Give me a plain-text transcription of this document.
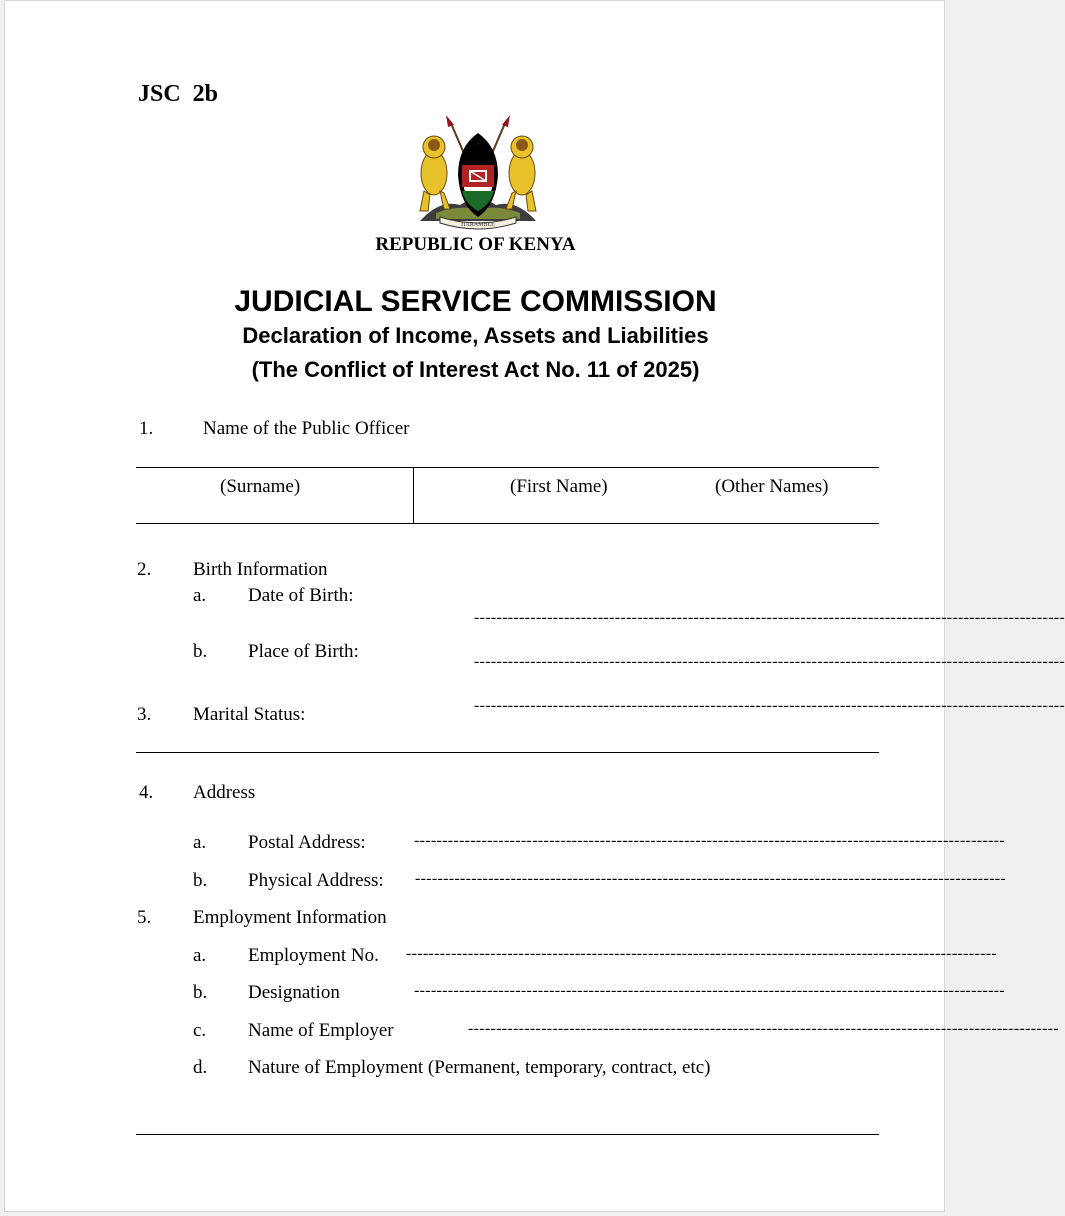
JSC 2b
HARAMBEE
REPUBLIC OF KENYA
JUDICIAL SERVICE COMMISSION
Declaration of Income, Assets and Liabilities
(The Conflict of Interest Act No. 11 of 2025)
1.	Name of the Public Officer
(Surname)	(First Name)	(Other Names)
2. Birth Information
a. Date of Birth:
---------------------------------------------------------------------------------------------------------
b. Place of Birth:	---------------------------------------------------------------------------------------------------------
3. Marital Status:	---------------------------------------------------------------------------------------------------------
4. Address
a. Postal Address:	---------------------------------------------------------------------------------------------------------
b. Physical Address: ---------------------------------------------------------------------------------------------------------
5. Employment Information
a. Employment No. ---------------------------------------------------------------------------------------------------------
b. Designation	---------------------------------------------------------------------------------------------------------
c. Name of Employer	---------------------------------------------------------------------------------------------------------
d. Nature of Employment (Permanent, temporary, contract, etc)
